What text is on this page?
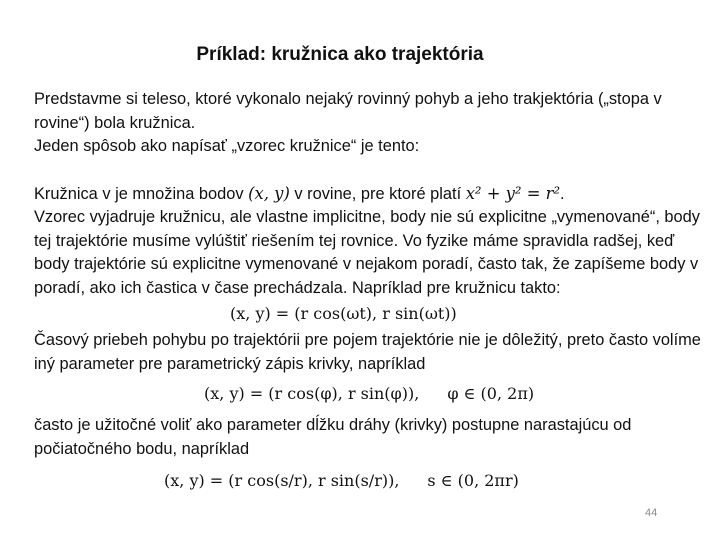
Príklad: kružnica ako trajektória

Predstavme si teleso, ktoré vykonalo nejaký rovinný pohyb a jeho trakjektória („stopa v rovine“) bola kružnica.

Jeden spôsob ako napísať „vzorec kružnice“ je tento:

Kružnica v je množina bodov (x, y) v rovine, pre ktoré platí x² + y² = r².

Vzorec vyjadruje kružnicu, ale vlastne implicitne, body nie sú explicitne „vymenované“, body tej trajektórie musíme vylúštiť riešením tej rovnice. Vo fyzike máme spravidla radšej, keď body trajektórie sú explicitne vymenované v nejakom poradí, často tak, že zapíšeme body v poradí, ako ich častica v čase prechádzala. Napríklad pre kružnicu takto:

(x, y) = (r cos(ωt), r sin(ωt))

Časový priebeh pohybu po trajektórii pre pojem trajektórie nie je dôležitý, preto často volíme iný parameter pre parametrický zápis krivky, napríklad

(x, y) = (r cos(φ), r sin(φ)), φ ∈ (0, 2π)

často je užitočné voliť ako parameter dĺžku dráhy (krivky) postupne narastajúcu od počiatočného bodu, napríklad

(x, y) = (r cos(s/r), r sin(s/r)), s ∈ (0, 2πr)
44
